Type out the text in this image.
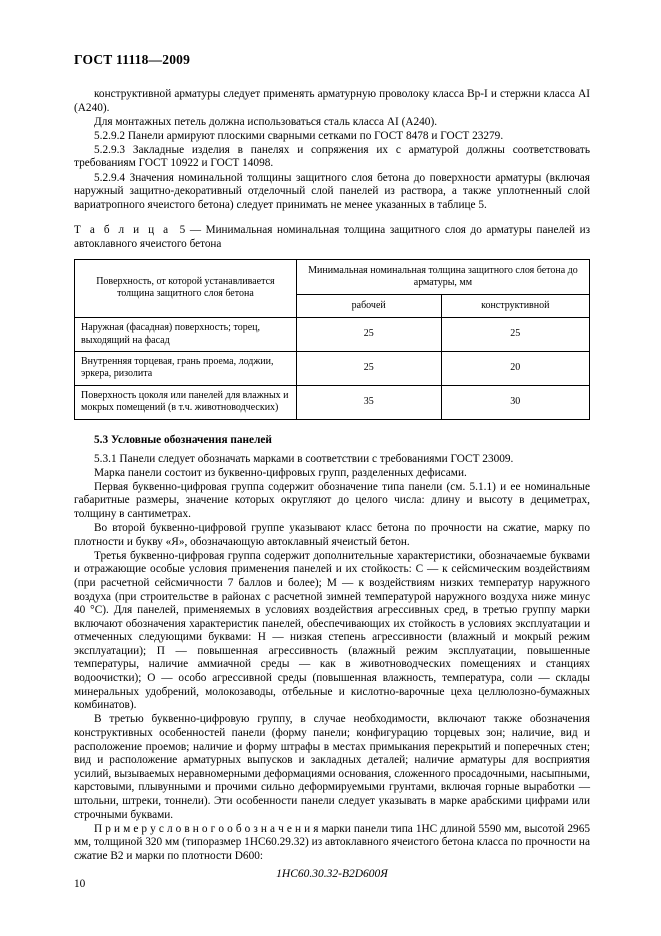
ГОСТ 11118—2009

конструктивной арматуры следует применять арматурную проволоку класса Вр-I и стержни класса AI (А240).

Для монтажных петель должна использоваться сталь класса AI (А240).

5.2.9.2 Панели армируют плоскими сварными сетками по ГОСТ 8478 и ГОСТ 23279.

5.2.9.3 Закладные изделия в панелях и сопряжения их с арматурой должны соответствовать требованиям ГОСТ 10922 и ГОСТ 14098.

5.2.9.4 Значения номинальной толщины защитного слоя бетона до поверхности арматуры (включая наружный защитно-декоративный отделочный слой панелей из раствора, а также уплотненный слой вариатропного ячеистого бетона) следует принимать не менее указанных в таблице 5.

Т а б л и ц а 5 — Минимальная номинальная толщина защитного слоя до арматуры панелей из автоклавного ячеистого бетона
Поверхность, от которой устанавливается толщина защитного слоя бетона	Минимальная номинальная толщина защитного слоя бетона до арматуры, мм	
	рабочей	конструктивной
Наружная (фасадная) поверхность; торец, выходящий на фасад	25	25
Внутренняя торцевая, грань проема, лоджии, эркера, ризолита	25	20
Поверхность цоколя или панелей для влажных и мокрых помещений (в т.ч. животноводческих)	35	30
5.3 Условные обозначения панелей

5.3.1 Панели следует обозначать марками в соответствии с требованиями ГОСТ 23009.

Марка панели состоит из буквенно-цифровых групп, разделенных дефисами.

Первая буквенно-цифровая группа содержит обозначение типа панели (см. 5.1.1) и ее номинальные габаритные размеры, значение которых округляют до целого числа: длину и высоту в дециметрах, толщину в сантиметрах.

Во второй буквенно-цифровой группе указывают класс бетона по прочности на сжатие, марку по плотности и букву «Я», обозначающую автоклавный ячеистый бетон.

Третья буквенно-цифровая группа содержит дополнительные характеристики, обозначаемые буквами и отражающие особые условия применения панелей и их стойкость: С — к сейсмическим воздействиям (при расчетной сейсмичности 7 баллов и более); М — к воздействиям низких температур наружного воздуха (при строительстве в районах с расчетной зимней температурой наружного воздуха ниже минус 40 °С). Для панелей, применяемых в условиях воздействия агрессивных сред, в третью группу марки включают обозначения характеристик панелей, обеспечивающих их стойкость в условиях эксплуатации и отмеченных следующими буквами: Н — низкая степень агрессивности (влажный и мокрый режим эксплуатации); П — повышенная агрессивность (влажный режим эксплуатации, повышенные температуры, наличие аммиачной среды — как в животноводческих помещениях и станциях водоочистки); О — особо агрессивной среды (повышенная влажность, температура, соли — склады минеральных удобрений, молокозаводы, отбельные и кислотно-варочные цеха целлюлозно-бумажных комбинатов).

В третью буквенно-цифровую группу, в случае необходимости, включают также обозначения конструктивных особенностей панели (форму панели; конфигурацию торцевых зон; наличие, вид и расположение проемов; наличие и форму штрафы в местах примыкания перекрытий и поперечных стен; вид и расположение арматурных выпусков и закладных деталей; наличие арматуры для восприятия усилий, вызываемых неравномерными деформациями основания, сложенного просадочными, насыпными, карстовыми, плывунными и прочими сильно деформируемыми грунтами, включая горные выработки — штольни, штреки, тоннели). Эти особенности панели следует указывать в марке арабскими цифрами или строчными буквами.

П р и м е р у с л о в н о г о о б о з н а ч е н и я марки панели типа 1НС длиной 5590 мм, высотой 2965 мм, толщиной 320 мм (типоразмер 1НС60.29.32) из автоклавного ячеистого бетона класса по прочности на сжатие В2 и марки по плотности D600:

1НС60.30.32-В2D600Я

10
